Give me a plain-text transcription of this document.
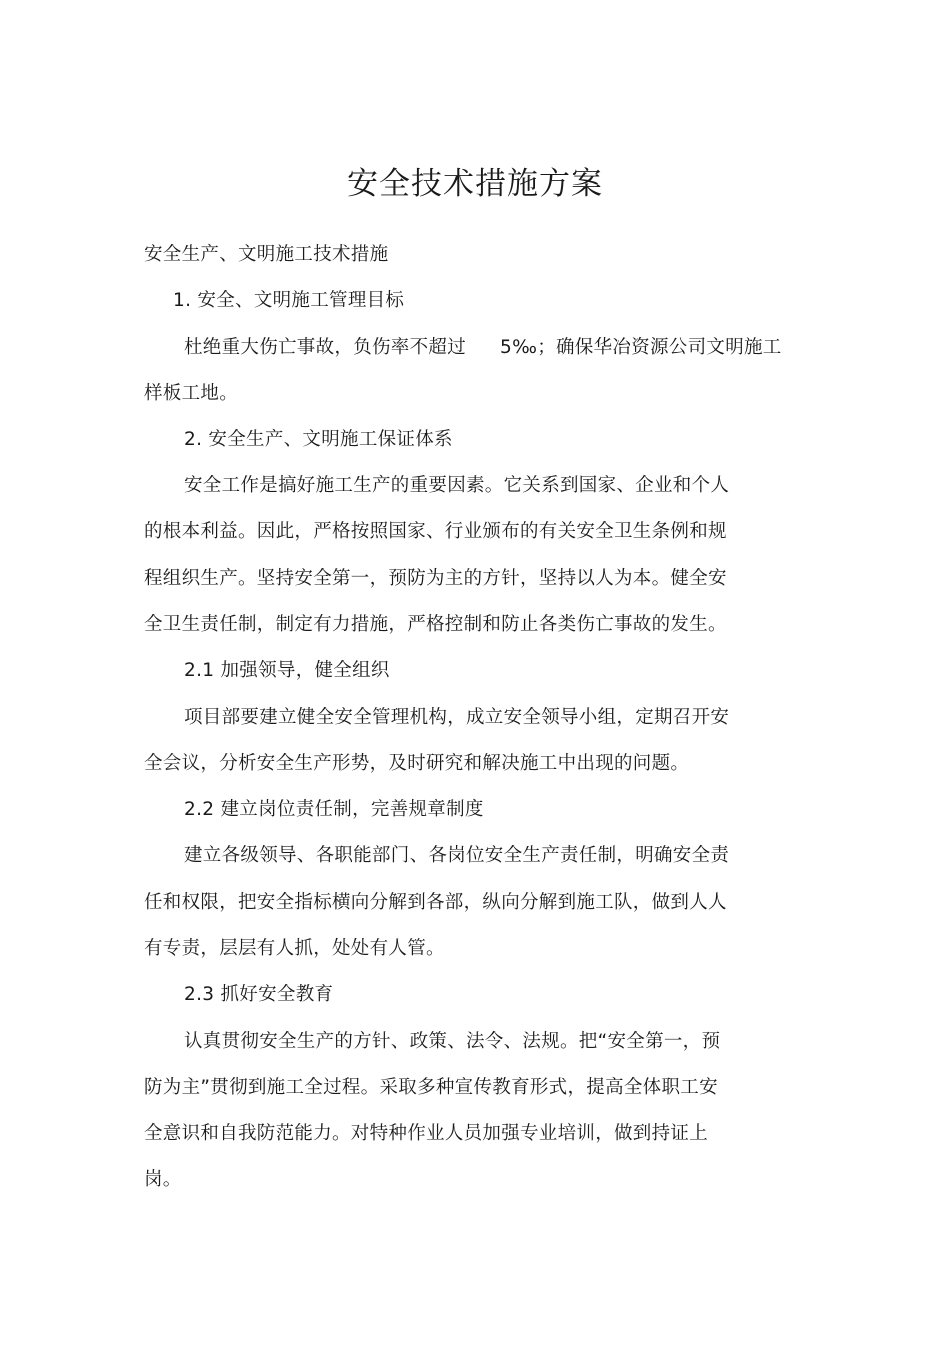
安全技术措施方案
安全生产、文明施工技术措施
1. 安全、文明施工管理目标
杜绝重大伤亡事故，负伤率不超过 5‰；确保华冶资源公司文明施工
样板工地。
2. 安全生产、文明施工保证体系
安全工作是搞好施工生产的重要因素。它关系到国家、企业和个人
的根本利益。因此，严格按照国家、行业颁布的有关安全卫生条例和规
程组织生产。坚持安全第一，预防为主的方针，坚持以人为本。健全安
全卫生责任制，制定有力措施，严格控制和防止各类伤亡事故的发生。
2.1 加强领导，健全组织
项目部要建立健全安全管理机构，成立安全领导小组，定期召开安
全会议，分析安全生产形势，及时研究和解决施工中出现的问题。
2.2 建立岗位责任制，完善规章制度
建立各级领导、各职能部门、各岗位安全生产责任制，明确安全责
任和权限，把安全指标横向分解到各部，纵向分解到施工队，做到人人
有专责，层层有人抓，处处有人管。
2.3 抓好安全教育
认真贯彻安全生产的方针、政策、法令、法规。把“安全第一，预
防为主”贯彻到施工全过程。采取多种宣传教育形式，提高全体职工安
全意识和自我防范能力。对特种作业人员加强专业培训，做到持证上
岗。
